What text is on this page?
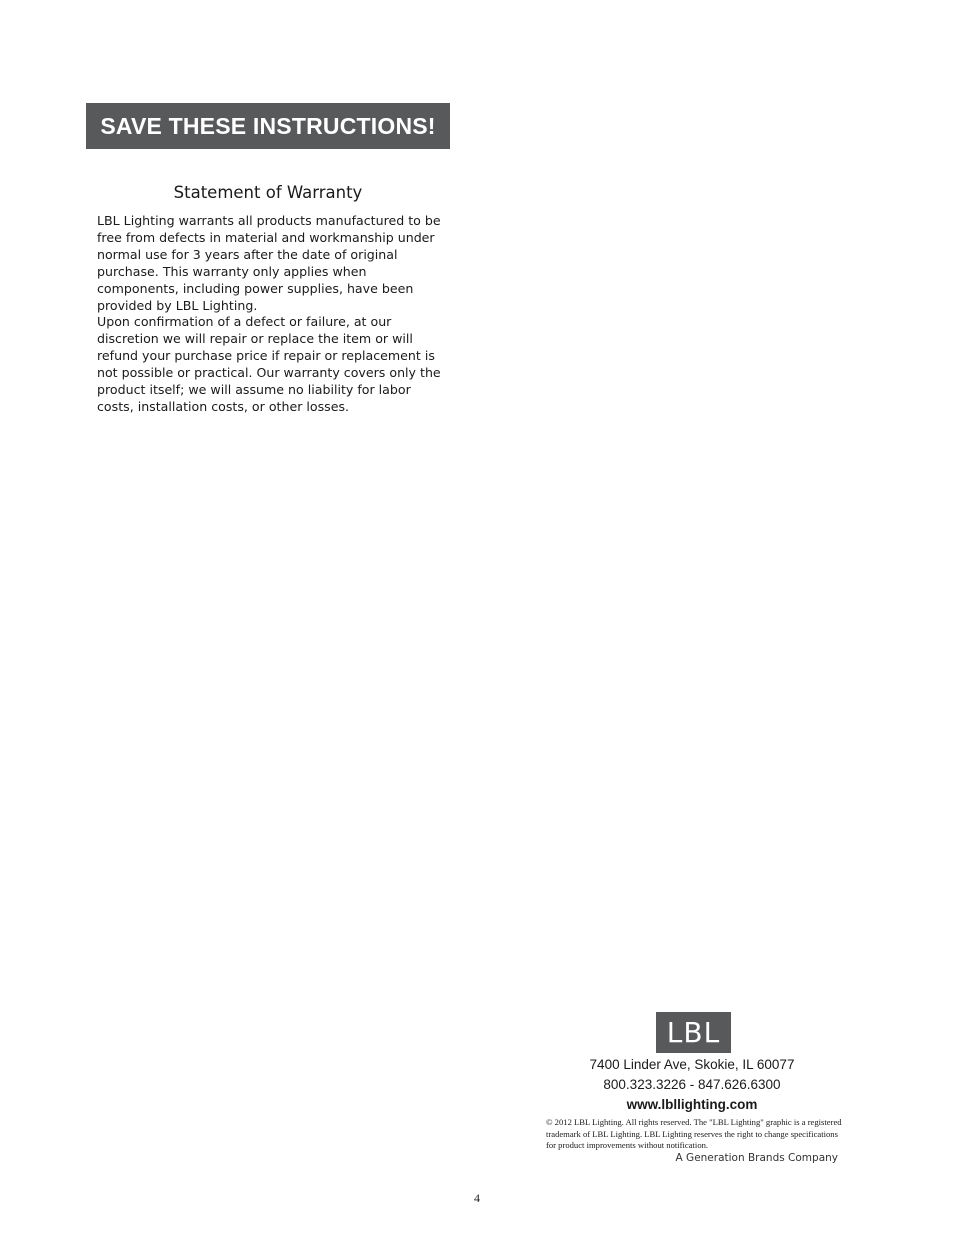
SAVE THESE INSTRUCTIONS!
Statement of Warranty

LBL Lighting warrants all products manufactured to be free from defects in material and workmanship under normal use for 3 years after the date of original purchase. This warranty only applies when components, including power supplies, have been provided by LBL Lighting.

Upon confirmation of a defect or failure, at our discretion we will repair or replace the item or will refund your purchase price if repair or replacement is not possible or practical. Our warranty covers only the product itself; we will assume no liability for labor costs, installation costs, or other losses.

LBL
7400 Linder Ave, Skokie, IL 60077
800.323.3226 - 847.626.6300
www.lbllighting.com
© 2012 LBL Lighting. All rights reserved. The "LBL Lighting" graphic is a registered trademark of LBL Lighting. LBL Lighting reserves the right to change specifications for product improvements without notification.
A Generation Brands Company
4
